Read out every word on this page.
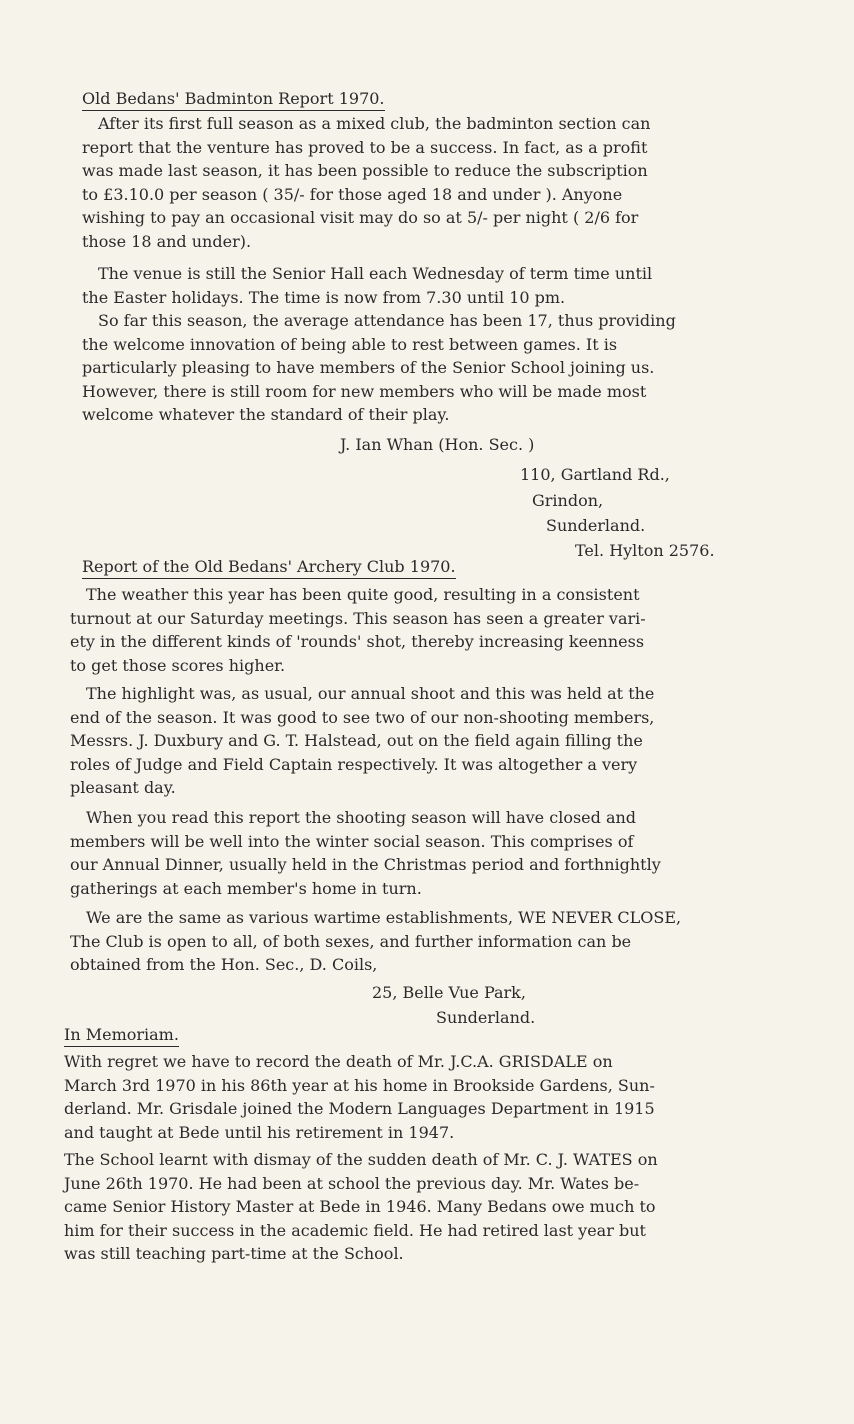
Old Bedans' Badminton Report 1970.
After its first full season as a mixed club, the badminton section can
report that the venture has proved to be a success. In fact, as a profit
was made last season, it has been possible to reduce the subscription
to £3.10.0 per season ( 35/- for those aged 18 and under ). Anyone
wishing to pay an occasional visit may do so at 5/- per night ( 2/6 for
those 18 and under).
The venue is still the Senior Hall each Wednesday of term time until
the Easter holidays. The time is now from 7.30 until 10 pm.
So far this season, the average attendance has been 17, thus providing
the welcome innovation of being able to rest between games. It is
particularly pleasing to have members of the Senior School joining us.
However, there is still room for new members who will be made most
welcome whatever the standard of their play.
J. Ian Whan (Hon. Sec. )
110, Gartland Rd.,
Grindon,
Sunderland.
Tel. Hylton 2576.
Report of the Old Bedans' Archery Club 1970.
The weather this year has been quite good, resulting in a consistent
turnout at our Saturday meetings. This season has seen a greater vari-
ety in the different kinds of 'rounds' shot, thereby increasing keenness
to get those scores higher.
The highlight was, as usual, our annual shoot and this was held at the
end of the season. It was good to see two of our non-shooting members,
Messrs. J. Duxbury and G. T. Halstead, out on the field again filling the
roles of Judge and Field Captain respectively. It was altogether a very
pleasant day.
When you read this report the shooting season will have closed and
members will be well into the winter social season. This comprises of
our Annual Dinner, usually held in the Christmas period and forthnightly
gatherings at each member's home in turn.
We are the same as various wartime establishments, WE NEVER CLOSE,
The Club is open to all, of both sexes, and further information can be
obtained from the Hon. Sec., D. Coils,
25, Belle Vue Park,
Sunderland.
In Memoriam.
With regret we have to record the death of Mr. J.C.A. GRISDALE on
March 3rd 1970 in his 86th year at his home in Brookside Gardens, Sun-
derland. Mr. Grisdale joined the Modern Languages Department in 1915
and taught at Bede until his retirement in 1947.
The School learnt with dismay of the sudden death of Mr. C. J. WATES on
June 26th 1970. He had been at school the previous day. Mr. Wates be-
came Senior History Master at Bede in 1946. Many Bedans owe much to
him for their success in the academic field. He had retired last year but
was still teaching part-time at the School.
